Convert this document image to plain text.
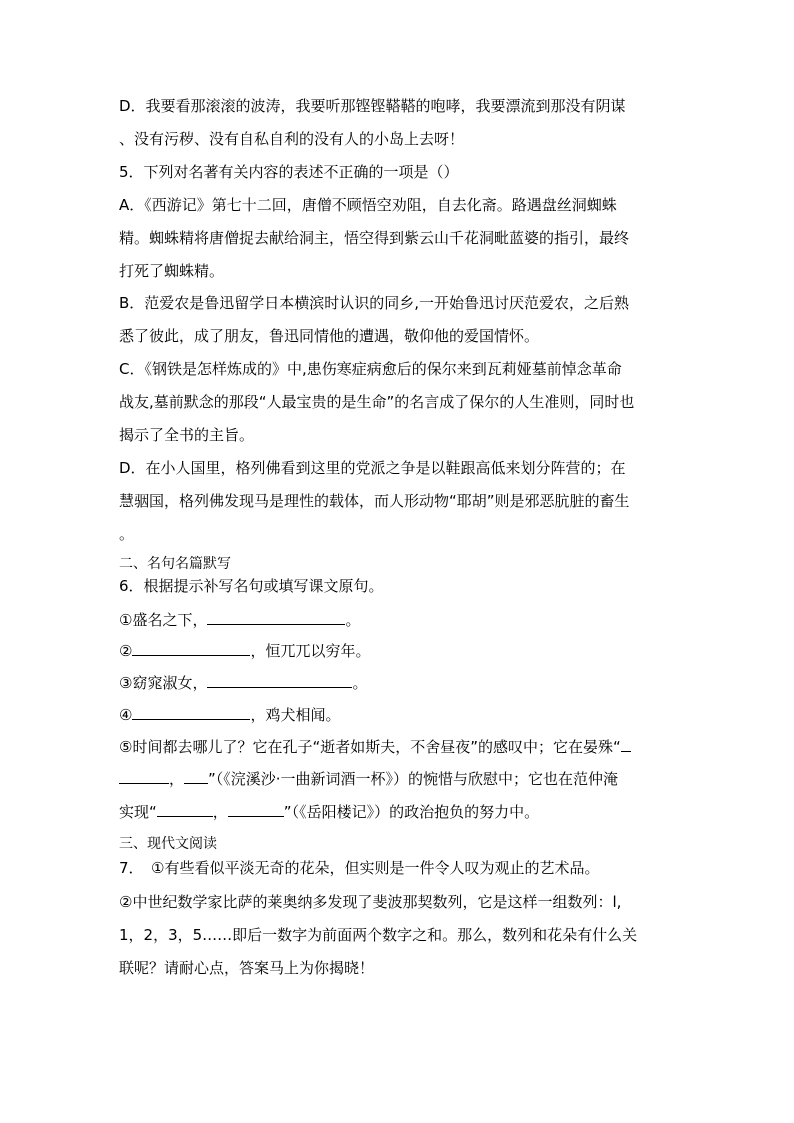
D．我要看那滚滚的波涛，我要听那铿铿鞳鞳的咆哮，我要漂流到那没有阴谋
、没有污秽、没有自私自利的没有人的小岛上去呀！
5．下列对名著有关内容的表述不正确的一项是（）
A．《西游记》第七十二回，唐僧不顾悟空劝阻，自去化斋。路遇盘丝洞蜘蛛
精。蜘蛛精将唐僧捉去献给洞主，悟空得到紫云山千花洞毗蓝婆的指引，最终
打死了蜘蛛精。
B．范爱农是鲁迅留学日本横滨时认识的同乡,一开始鲁迅讨厌范爱农，之后熟
悉了彼此，成了朋友，鲁迅同情他的遭遇，敬仰他的爱国情怀。
C．《钢铁是怎样炼成的》中,患伤寒症病愈后的保尔来到瓦莉娅墓前悼念革命
战友,墓前默念的那段“人最宝贵的是生命”的名言成了保尔的人生准则，同时也
揭示了全书的主旨。
D．在小人国里，格列佛看到这里的党派之争是以鞋跟高低来划分阵营的；在
慧骃国，格列佛发现马是理性的载体，而人形动物“耶胡”则是邪恶肮脏的畜生
。
二、名句名篇默写
6．根据提示补写名句或填写课文原句。
①盛名之下，	。
②	，恒兀兀以穷年。
③窈窕淑女，	。
④	，鸡犬相闻。
⑤时间都去哪儿了？它在孔子“逝者如斯夫，不舍昼夜”的感叹中；它在晏殊“
， ”（《浣溪沙·一曲新词酒一杯》）的惋惜与欣慰中；它也在范仲淹
实现“	，	”（《岳阳楼记》）的政治抱负的努力中。
三、现代文阅读
7．　①有些看似平淡无奇的花朵，但实则是一件令人叹为观止的艺术品。
②中世纪数学家比萨的莱奥纳多发现了斐波那契数列，它是这样一组数列：l,
1，2，3，5……即后一数字为前面两个数字之和。那么，数列和花朵有什么关
联呢？请耐心点，答案马上为你揭晓！
